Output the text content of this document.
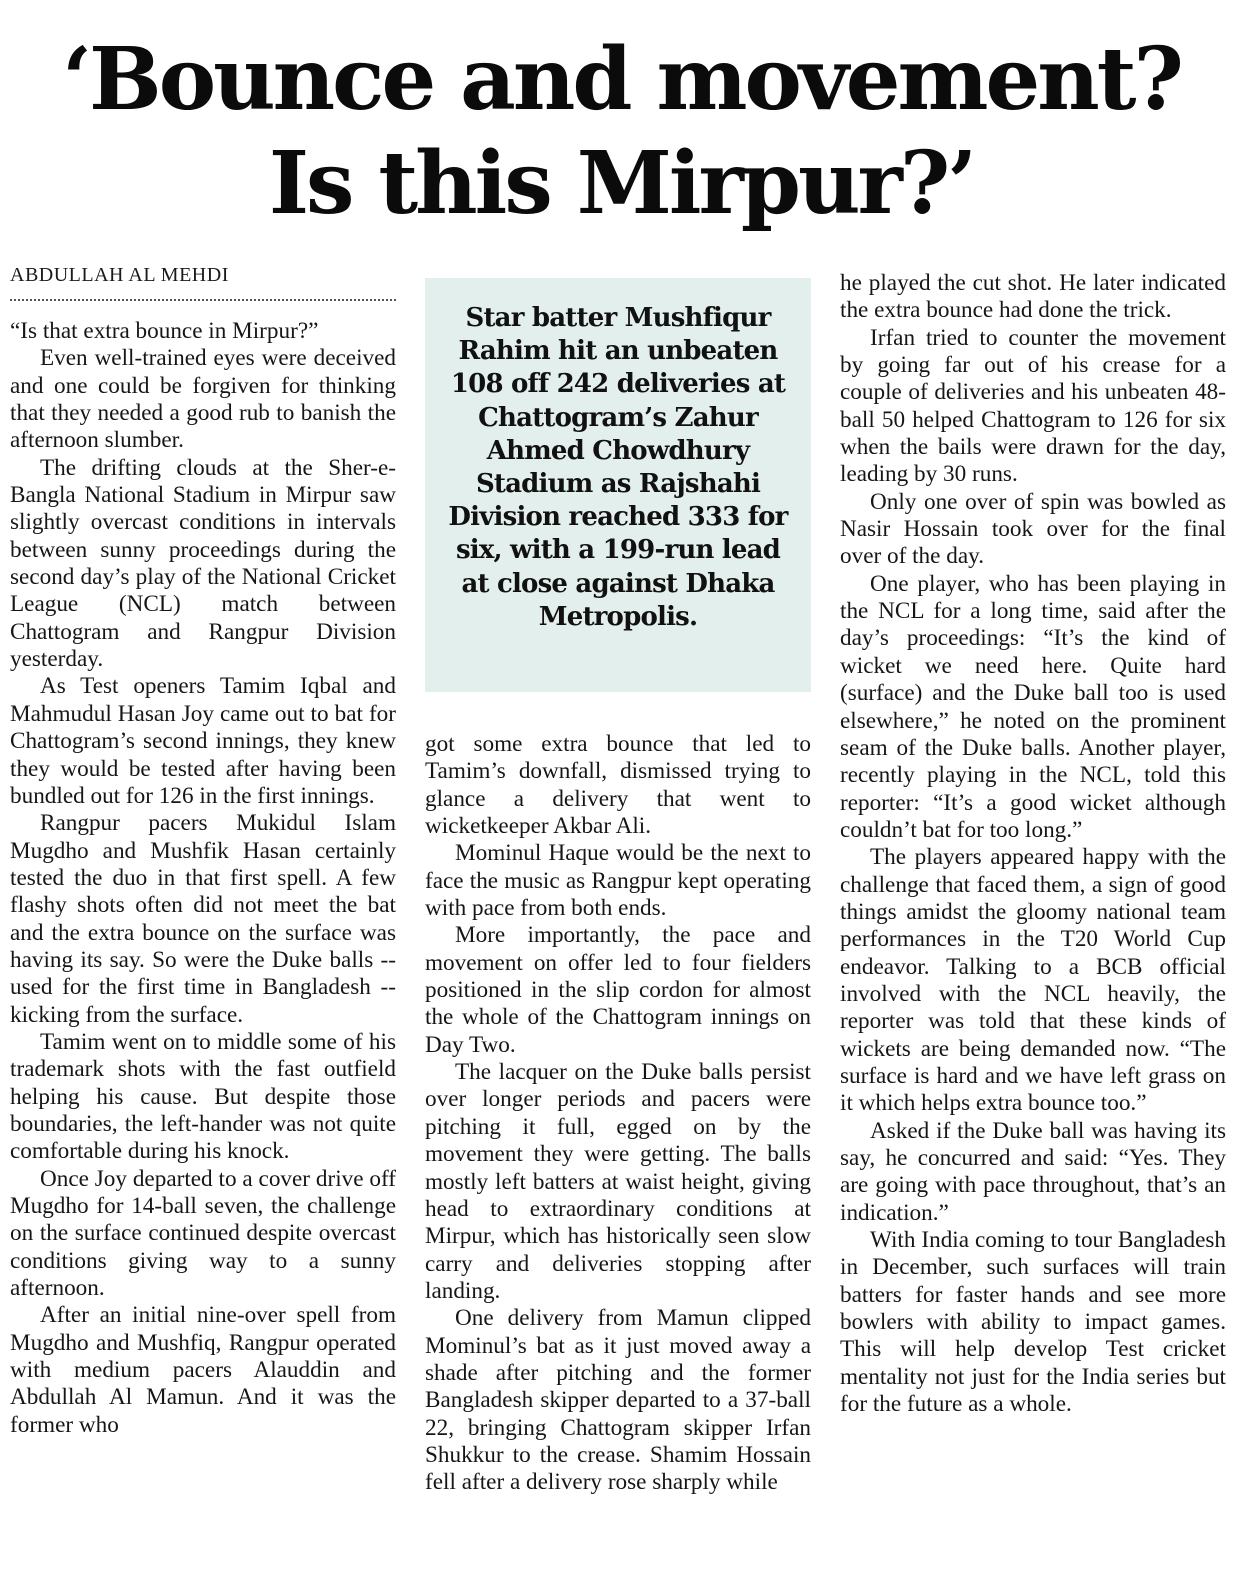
‘Bounce and movement?
Is this Mirpur?’
ABDULLAH AL MEHDI

Star batter Mushfiqur Rahim hit an unbeaten 108 off 242 deliveries at Chattogram’s Zahur Ahmed Chowdhury Stadium as Rajshahi Division reached 333 for six, with a 199-run lead at close against Dhaka Metropolis.

“Is that extra bounce in Mirpur?”

Even well-trained eyes were deceived and one could be forgiven for thinking that they needed a good rub to banish the afternoon slumber.

The drifting clouds at the Sher-e-Bangla National Stadium in Mirpur saw slightly overcast conditions in intervals between sunny proceedings during the second day’s play of the National Cricket League (NCL) match between Chattogram and Rangpur Division yesterday.

As Test openers Tamim Iqbal and Mahmudul Hasan Joy came out to bat for Chattogram’s second innings, they knew they would be tested after having been bundled out for 126 in the first innings.

Rangpur pacers Mukidul Islam Mugdho and Mushfik Hasan certainly tested the duo in that first spell. A few flashy shots often did not meet the bat and the extra bounce on the surface was having its say. So were the Duke balls -- used for the first time in Bangladesh -- kicking from the surface.

Tamim went on to middle some of his trademark shots with the fast outfield helping his cause. But despite those boundaries, the left-hander was not quite comfortable during his knock.

Once Joy departed to a cover drive off Mugdho for 14-ball seven, the challenge on the surface continued despite overcast conditions giving way to a sunny afternoon.

After an initial nine-over spell from Mugdho and Mushfiq, Rangpur operated with medium pacers Alauddin and Abdullah Al Mamun. And it was the former who

got some extra bounce that led to Tamim’s downfall, dismissed trying to glance a delivery that went to wicketkeeper Akbar Ali.

Mominul Haque would be the next to face the music as Rangpur kept operating with pace from both ends.

More importantly, the pace and movement on offer led to four fielders positioned in the slip cordon for almost the whole of the Chattogram innings on Day Two.

The lacquer on the Duke balls persist over longer periods and pacers were pitching it full, egged on by the movement they were getting. The balls mostly left batters at waist height, giving head to extraordinary conditions at Mirpur, which has historically seen slow carry and deliveries stopping after landing.

One delivery from Mamun clipped Mominul’s bat as it just moved away a shade after pitching and the former Bangladesh skipper departed to a 37-ball 22, bringing Chattogram skipper Irfan Shukkur to the crease. Shamim Hossain fell after a delivery rose sharply while

he played the cut shot. He later indicated the extra bounce had done the trick.

Irfan tried to counter the movement by going far out of his crease for a couple of deliveries and his unbeaten 48-ball 50 helped Chattogram to 126 for six when the bails were drawn for the day, leading by 30 runs.

Only one over of spin was bowled as Nasir Hossain took over for the final over of the day.

One player, who has been playing in the NCL for a long time, said after the day’s proceedings: “It’s the kind of wicket we need here. Quite hard (surface) and the Duke ball too is used elsewhere,” he noted on the prominent seam of the Duke balls. Another player, recently playing in the NCL, told this reporter: “It’s a good wicket although couldn’t bat for too long.”

The players appeared happy with the challenge that faced them, a sign of good things amidst the gloomy national team performances in the T20 World Cup endeavor. Talking to a BCB official involved with the NCL heavily, the reporter was told that these kinds of wickets are being demanded now. “The surface is hard and we have left grass on it which helps extra bounce too.”

Asked if the Duke ball was having its say, he concurred and said: “Yes. They are going with pace throughout, that’s an indication.”

With India coming to tour Bangladesh in December, such surfaces will train batters for faster hands and see more bowlers with ability to impact games. This will help develop Test cricket mentality not just for the India series but for the future as a whole.
